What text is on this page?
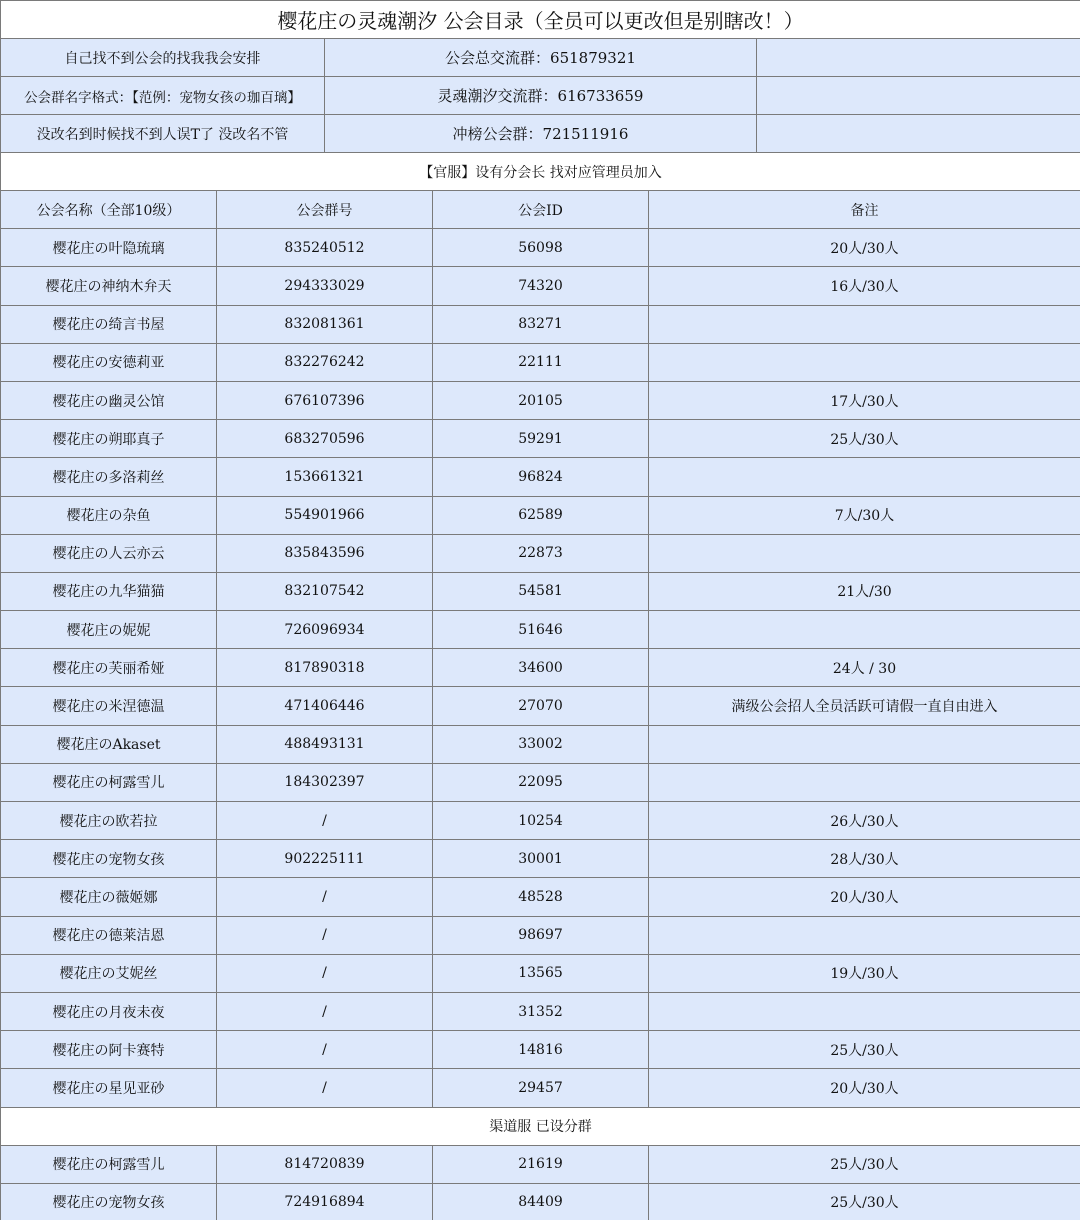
樱花庄の灵魂潮汐 公会目录（全员可以更改但是别瞎改！）
自己找不到公会的找我我会安排	公会总交流群：651879321
公会群名字格式：【范例：宠物女孩の珈百璃】	灵魂潮汐交流群：616733659
没改名到时候找不到人误T了 没改名不管	冲榜公会群：721511916
【官服】设有分会长 找对应管理员加入
公会名称（全部10级）	公会群号	公会ID	备注
樱花庄の叶隐琉璃	835240512	56098	20人/30人
樱花庄の神纳木弁天	294333029	74320	16人/30人
樱花庄の绮言书屋	832081361	83271
樱花庄の安德莉亚	832276242	22111
樱花庄の幽灵公馆	676107396	20105	17人/30人
樱花庄の朔耶真子	683270596	59291	25人/30人
樱花庄の多洛莉丝	153661321	96824
樱花庄の杂鱼	554901966	62589	7人/30人
樱花庄の人云亦云	835843596	22873
樱花庄の九华猫猫	832107542	54581	21人/30
樱花庄の妮妮	726096934	51646
樱花庄の芙丽希娅	817890318	34600	24人 / 30
樱花庄の米涅德温	471406446	27070	满级公会招人全员活跃可请假一直自由进入
樱花庄のAkaset	488493131	33002
樱花庄の柯露雪儿	184302397	22095
樱花庄の欧若拉	/	10254	26人/30人
樱花庄の宠物女孩	902225111	30001	28人/30人
樱花庄の薇姬娜	/	48528	20人/30人
樱花庄の德莱洁恩	/	98697
樱花庄の艾妮丝	/	13565	19人/30人
樱花庄の月夜未夜	/	31352
樱花庄の阿卡赛特	/	14816	25人/30人
樱花庄の星见亚砂	/	29457	20人/30人
渠道服 已设分群
樱花庄の柯露雪儿	814720839	21619	25人/30人
樱花庄の宠物女孩	724916894	84409	25人/30人
